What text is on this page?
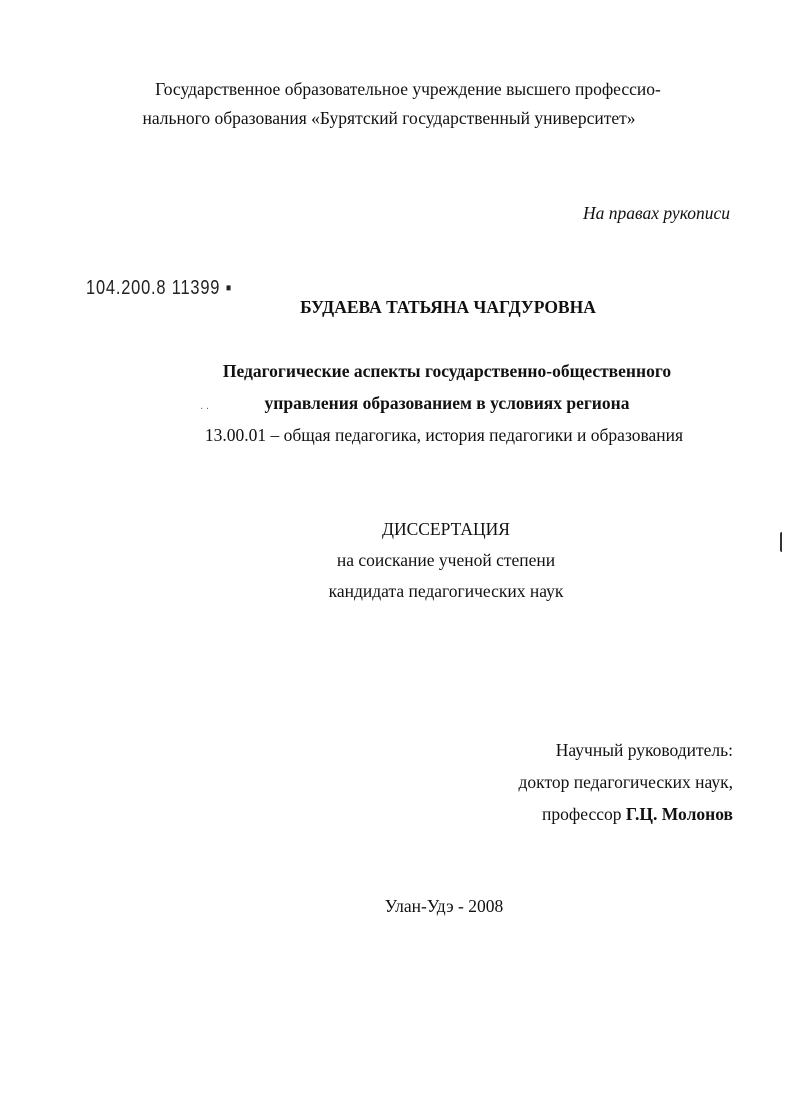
Государственное образовательное учреждение высшего профессио-
нального образования «Бурятский государственный университет»
На правах рукописи
104.200.8 11399 ▪
БУДАЕВА ТАТЬЯНА ЧАГДУРОВНА
Педагогические аспекты государственно-общественного
· ·	управления образованием в условиях региона
13.00.01 – общая педагогика, история педагогики и образования
ДИССЕРТАЦИЯ
на соискание ученой степени
кандидата педагогических наук
Научный руководитель:
доктор педагогических наук,
профессор Г.Ц. Молонов
Улан-Удэ - 2008
